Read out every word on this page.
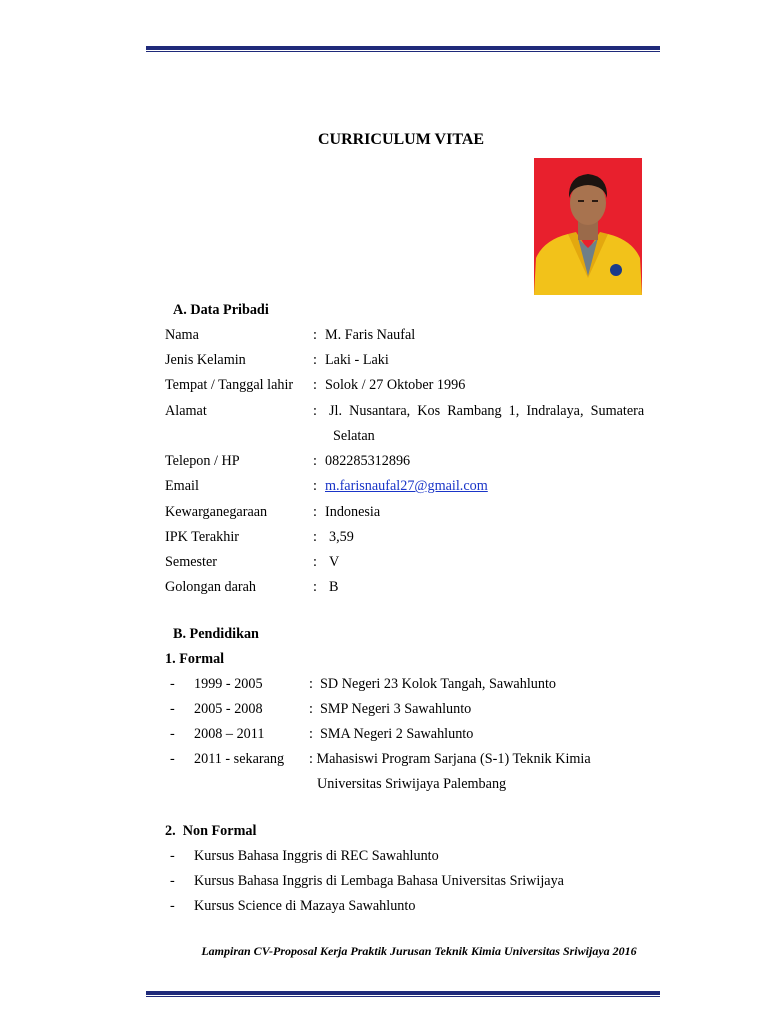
CURRICULUM VITAE
A. Data Pribadi
Nama	: M. Faris Naufal
Jenis Kelamin	: Laki - Laki
Tempat / Tanggal lahir : Solok / 27 Oktober 1996
Alamat	: Jl.  Nusantara,  Kos  Rambang  1,  Indralaya,  Sumatera
Selatan
Telepon / HP	: 082285312896
Email	: m.farisnaufal27@gmail.com
Kewarganegaraan	: Indonesia
IPK Terakhir	: 3,59
Semester	: V
Golongan darah	: B
B. Pendidikan
1. Formal
- 1999 - 2005	:  SD Negeri 23 Kolok Tangah, Sawahlunto
- 2005 - 2008	:  SMP Negeri 3 Sawahlunto
- 2008 – 2011	:  SMA Negeri 2 Sawahlunto
- 2011 - sekarang : Mahasiswi Program Sarjana (S-1) Teknik Kimia
Universitas Sriwijaya Palembang
2.  Non Formal
- Kursus Bahasa Inggris di REC Sawahlunto
- Kursus Bahasa Inggris di Lembaga Bahasa Universitas Sriwijaya
- Kursus Science di Mazaya Sawahlunto
Lampiran CV-Proposal Kerja Praktik Jurusan Teknik Kimia Universitas Sriwijaya 2016
